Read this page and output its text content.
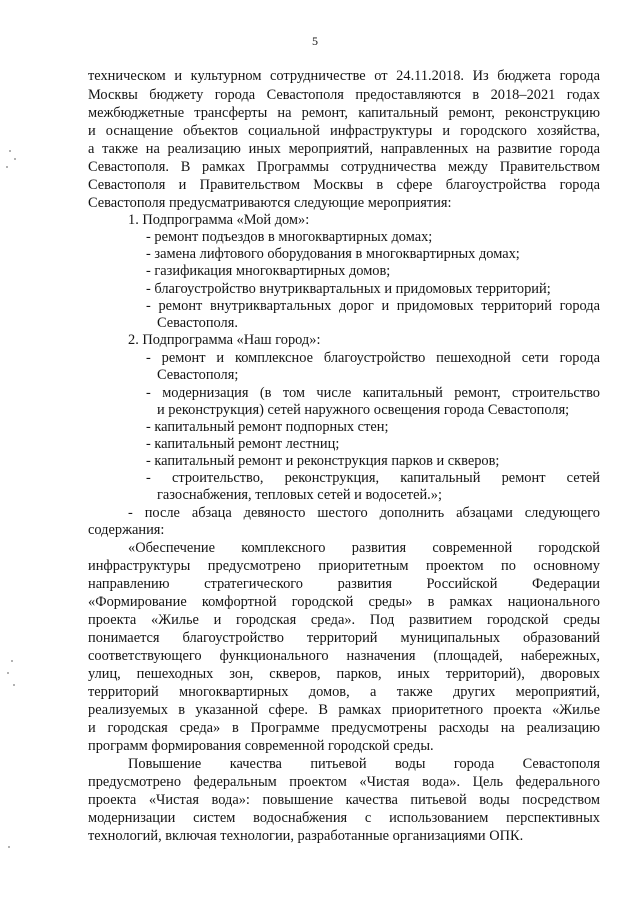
5
техническом и культурном сотрудничестве от 24.11.2018. Из бюджета города
Москвы бюджету города Севастополя предоставляются в 2018–2021 годах
межбюджетные трансферты на ремонт, капитальный ремонт, реконструкцию
и оснащение объектов социальной инфраструктуры и городского хозяйства,
а также на реализацию иных мероприятий, направленных на развитие города
Севастополя. В рамках Программы сотрудничества между Правительством
Севастополя и Правительством Москвы в сфере благоустройства города
Севастополя предусматриваются следующие мероприятия:
1. Подпрограмма «Мой дом»:
- ремонт подъездов в многоквартирных домах;
- замена лифтового оборудования в многоквартирных домах;
- газификация многоквартирных домов;
- благоустройство внутриквартальных и придомовых территорий;
- ремонт внутриквартальных дорог и придомовых территорий города
Севастополя.
2. Подпрограмма «Наш город»:
- ремонт и комплексное благоустройство пешеходной сети города
Севастополя;
- модернизация (в том числе капитальный ремонт, строительство
и реконструкция) сетей наружного освещения города Севастополя;
- капитальный ремонт подпорных стен;
- капитальный ремонт лестниц;
- капитальный ремонт и реконструкция парков и скверов;
- строительство, реконструкция, капитальный ремонт сетей
газоснабжения, тепловых сетей и водосетей.»;
- после абзаца девяносто шестого дополнить абзацами следующего
содержания:
«Обеспечение комплексного развития современной городской
инфраструктуры предусмотрено приоритетным проектом по основному
направлению стратегического развития Российской Федерации
«Формирование комфортной городской среды» в рамках национального
проекта «Жилье и городская среда». Под развитием городской среды
понимается благоустройство территорий муниципальных образований
соответствующего функционального назначения (площадей, набережных,
улиц, пешеходных зон, скверов, парков, иных территорий), дворовых
территорий многоквартирных домов, а также других мероприятий,
реализуемых в указанной сфере. В рамках приоритетного проекта «Жилье
и городская среда» в Программе предусмотрены расходы на реализацию
программ формирования современной городской среды.
Повышение качества питьевой воды города Севастополя
предусмотрено федеральным проектом «Чистая вода». Цель федерального
проекта «Чистая вода»: повышение качества питьевой воды посредством
модернизации систем водоснабжения с использованием перспективных
технологий, включая технологии, разработанные организациями ОПК.
